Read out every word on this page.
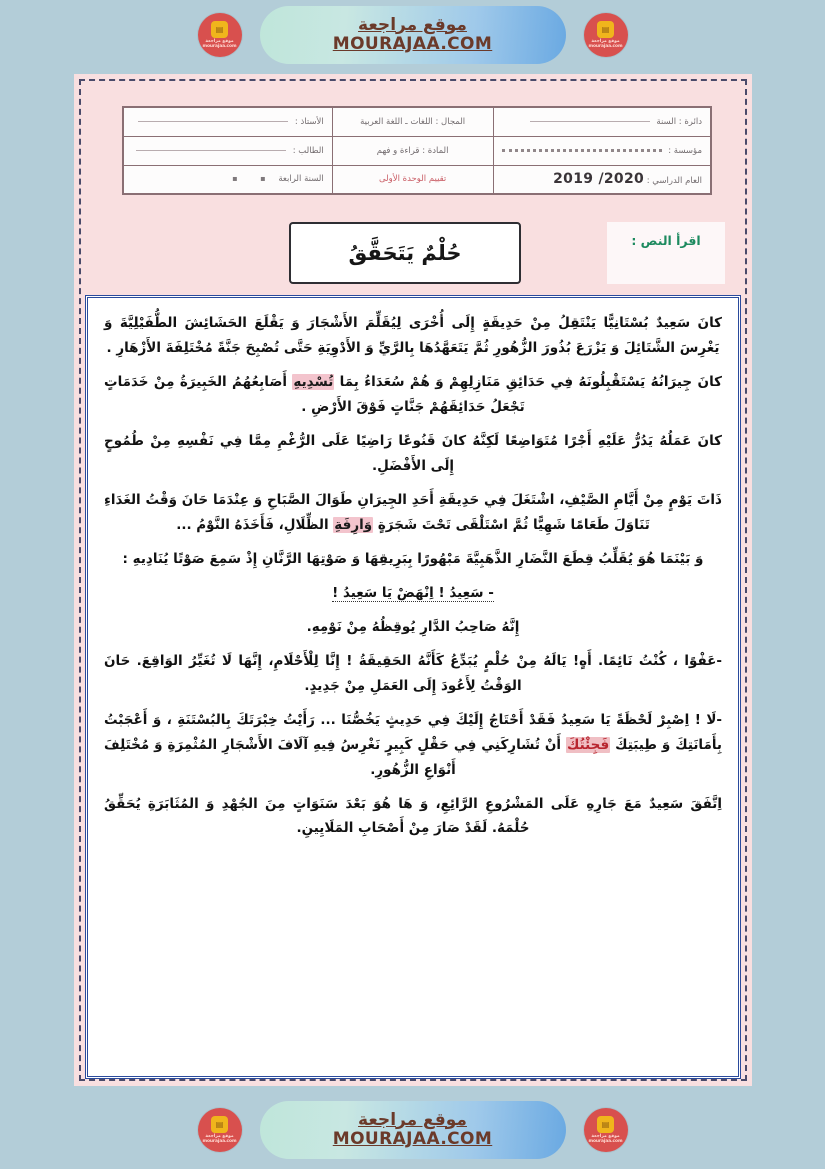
▤
موقع مراجعة
mourajaa.com
موقع مراجعة
MOURAJAA.COM
▤
موقع مراجعة
mourajaa.com
دائرة : السنة	المجال : اللغات ـ اللغة العربية	الأستاذ :
مؤسسة :	المادة : قراءة و فهم	الطالب :
العام الدراسي : 2019 /2020	تقييم الوحدة الأولى	السنة الرابعة ▪ ▪
اقرأ النص :
حُلْمٌ يَتَحَقَّقُ

كانَ سَعِيدٌ بُسْتَانِيًّا يَنْتَقِلُ مِنْ حَدِيقَةٍ إِلَى أُخْرَى لِيُقَلِّمَ الأَشْجَارَ وَ يَقْلَعَ الحَشَائِشَ الطُّفَيْلِيَّةَ وَ يَغْرِسَ الشَّتَائِلَ وَ يَزْرَعَ بُذُورَ الزُّهُورِ ثُمَّ يَتَعَهَّدُهَا بِالرَّيِّ وَ الأَدْوِيَةِ حَتَّى تُصْبِحَ جَنَّةً مُخْتَلِفَةَ الأَزْهَارِ .

كانَ جِيرَانُهُ يَسْتَقْبِلُونَهُ فِي حَدَائِقِ مَنَازِلِهِمْ وَ هُمْ سُعَدَاءُ بِمَا تُسْدِيهِ أَصَابِعُهُمُ الخَبِيرَةُ مِنْ خَدَمَاتٍ تَجْعَلُ حَدَائِقَهُمْ جَنَّاتٍ فَوْقَ الأَرْضِ .

كانَ عَمَلُهُ يَدُرُّ عَلَيْهِ أَجْرًا مُتَوَاضِعًا لَكِنَّهُ كانَ قَنُوعًا رَاضِيًا عَلَى الرُّغْمِ مِمَّا فِي نَفْسِهِ مِنْ طُمُوحٍ إِلَى الأَفْضَلِ.

ذَاتَ يَوْمٍ مِنْ أَيَّامِ الصَّيْفِ، اشْتَغَلَ فِي حَدِيقَةِ أَحَدِ الجِيرَانِ طَوَالَ الصَّبَاحِ وَ عِنْدَمَا حَانَ وَقْتُ الغَدَاءِ تَنَاوَلَ طَعَامًا شَهِيًّا ثُمَّ اسْتَلْقَى تَحْتَ شَجَرَةٍ وَارِفَةِ الظِّلَالِ، فَأَخَذَهُ النَّوْمُ ...

وَ بَيْنَمَا هُوَ يُقَلِّبُ قِطَعَ النَّضَارِ الذَّهَبِيَّةَ مَبْهُورًا بِبَرِيقِهَا وَ صَوْتِهَا الرَّنَّانِ إِذْ سَمِعَ صَوْتًا يُنَادِيهِ :

- سَعِيدُ ! اِنْهَضْ يَا سَعِيدُ !

إِنَّهُ صَاحِبُ الدَّارِ يُوقِظُهُ مِنْ نَوْمِهِ.

-عَفْوًا ، كُنْتُ نَائِمًا. أَهٍ! يَالَهُ مِنْ حُلْمٍ يُبَدِّعُ كَأَنَّهُ الحَقِيقَةُ ! إِنَّا لِلْأَحْلَامِ، إِنَّهَا لَا تُغَيِّرُ الوَاقِعَ. حَانَ الوَقْتُ لِأَعُودَ إِلَى العَمَلِ مِنْ جَدِيدٍ.

-لَا ! اِصْبِرْ لَحْظَةً يَا سَعِيدُ فَقَدْ أَحْتَاجُ إِلَيْكَ فِي حَدِيثٍ يَخُصُّنَا ... رَأَيْتُ خِبْرَتَكَ بِالبُسْتَنَةِ ، وَ أَعْجَبْتُ بِأَمَانَتِكَ وَ طِيبَتِكَ فَجِئْتُكَ أَنْ تُشَارِكَنِي فِي حَقْلٍ كَبِيرٍ نَغْرِسُ فِيهِ آلَافَ الأَشْجَارِ المُثْمِرَةِ وَ مُخْتَلِفَ أَنْوَاعِ الزُّهُورِ.

اِتَّفَقَ سَعِيدٌ مَعَ جَارِهِ عَلَى المَشْرُوعِ الرَّائِعِ، وَ هَا هُوَ بَعْدَ سَنَوَاتٍ مِنَ الجُهْدِ وَ المُثَابَرَةِ يُحَقِّقُ حُلْمَهُ. لَقَدْ صَارَ مِنْ أَصْحَابِ المَلَايِينِ.

▤
موقع مراجعة
mourajaa.com
موقع مراجعة
MOURAJAA.COM
▤
موقع مراجعة
mourajaa.com
